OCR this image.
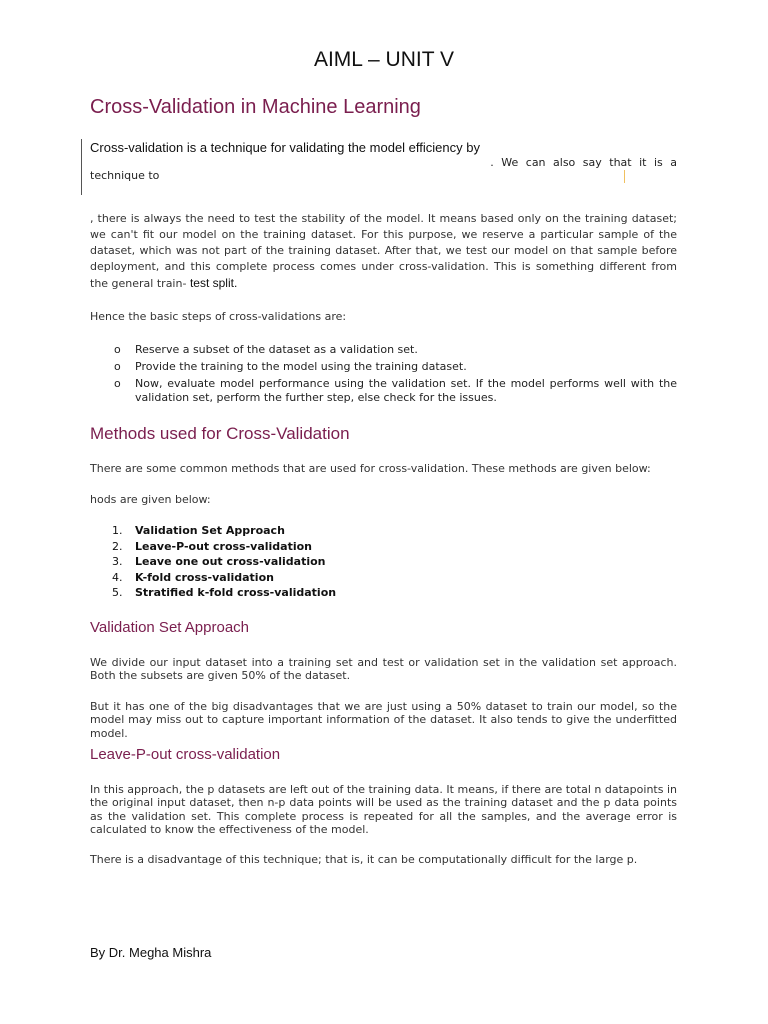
AIML – UNIT V
Cross-Validation in Machine Learning
Cross-validation is a technique for validating the model efficiency by
. We can also say that it is a
technique to
, there is always the need to test the stability of the model. It means based only on the training dataset; we can't fit our model on the training dataset. For this purpose, we reserve a particular sample of the dataset, which was not part of the training dataset. After that, we test our model on that sample before deployment, and this complete process comes under cross-validation. This is something different from the general train- test split.
Hence the basic steps of cross-validations are:
o Reserve a subset of the dataset as a validation set.
o Provide the training to the model using the training dataset.
o Now, evaluate model performance using the validation set. If the model performs well with the validation set, perform the further step, else check for the issues.
Methods used for Cross-Validation
There are some common methods that are used for cross-validation. These methods are given below:
hods are given below:
1. Validation Set Approach
2. Leave-P-out cross-validation
3. Leave one out cross-validation
4. K-fold cross-validation
5. Stratified k-fold cross-validation
Validation Set Approach
We divide our input dataset into a training set and test or validation set in the validation set approach. Both the subsets are given 50% of the dataset.
But it has one of the big disadvantages that we are just using a 50% dataset to train our model, so the model may miss out to capture important information of the dataset. It also tends to give the underfitted model.
Leave-P-out cross-validation
In this approach, the p datasets are left out of the training data. It means, if there are total n datapoints in the original input dataset, then n-p data points will be used as the training dataset and the p data points as the validation set. This complete process is repeated for all the samples, and the average error is calculated to know the effectiveness of the model.
There is a disadvantage of this technique; that is, it can be computationally difficult for the large p.
By Dr. Megha Mishra
